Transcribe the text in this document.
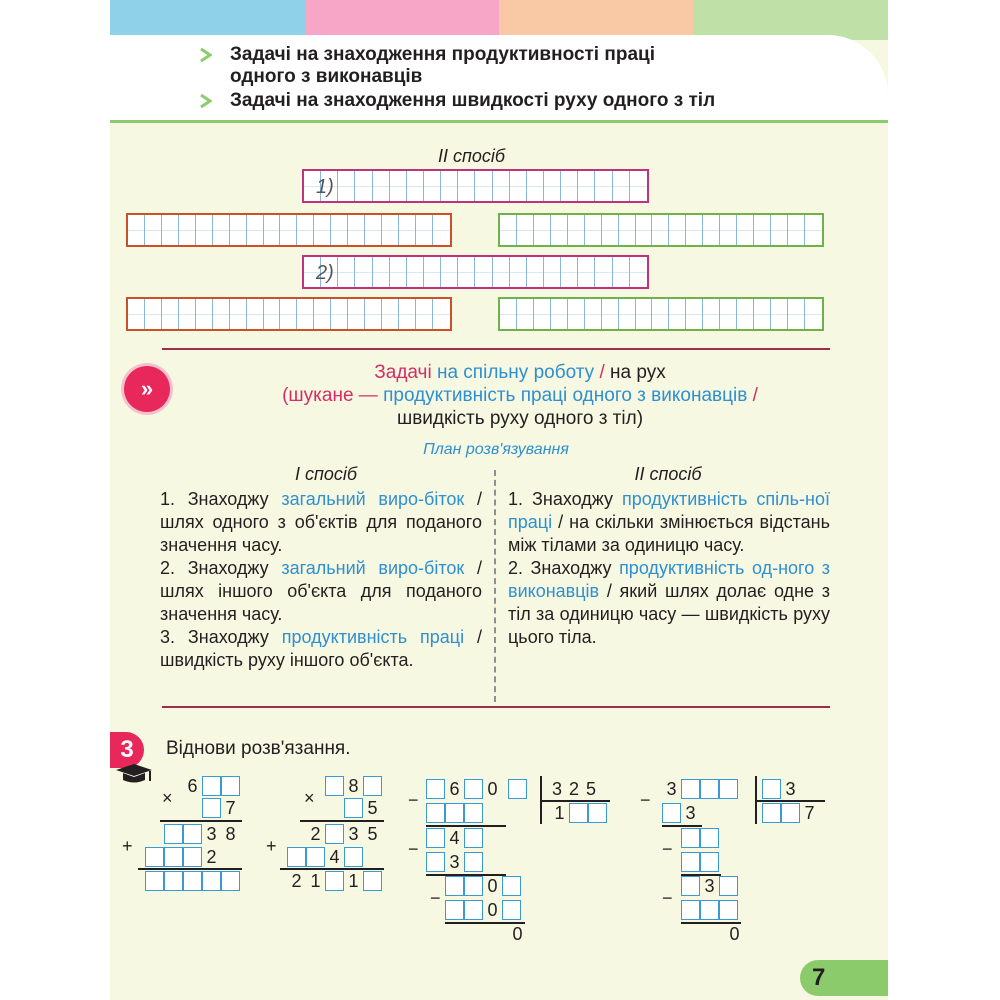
Задачі на знаходження продуктивності праці
одного з виконавців
Задачі на знаходження швидкості руху одного з тіл
ІІ спосіб
1)
2)
»
Задачі на спільну роботу / на рух
(шукане — продуктивність праці одного з виконавців /
швидкість руху одного з тіл)
План розв'язування
І спосіб	ІІ спосіб

1. Знаходжу загальний виро-біток / шлях одного з об'єктів для поданого значення часу.

2. Знаходжу загальний виро-біток / шлях іншого об'єкта для поданого значення часу.

3. Знаходжу продуктивність праці / швидкість руху іншого об'єкта.

1. Знаходжу продуктивність спіль-ної праці / на скільки змінюється відстань між тілами за одиницю часу.

2. Знаходжу продуктивність од-ного з виконавців / який шлях долає одне з тіл за одиницю часу — швидкість руху цього тіла.

3	Віднови розв'язання.
6
×	7
3 8
+
2
8
×	5
2 3 5
+
4
2 1 1
−
6 0	3 2 5
1
−
4
3
−
0
0
0
−
3	3
7
3
−
−
3
0
7
